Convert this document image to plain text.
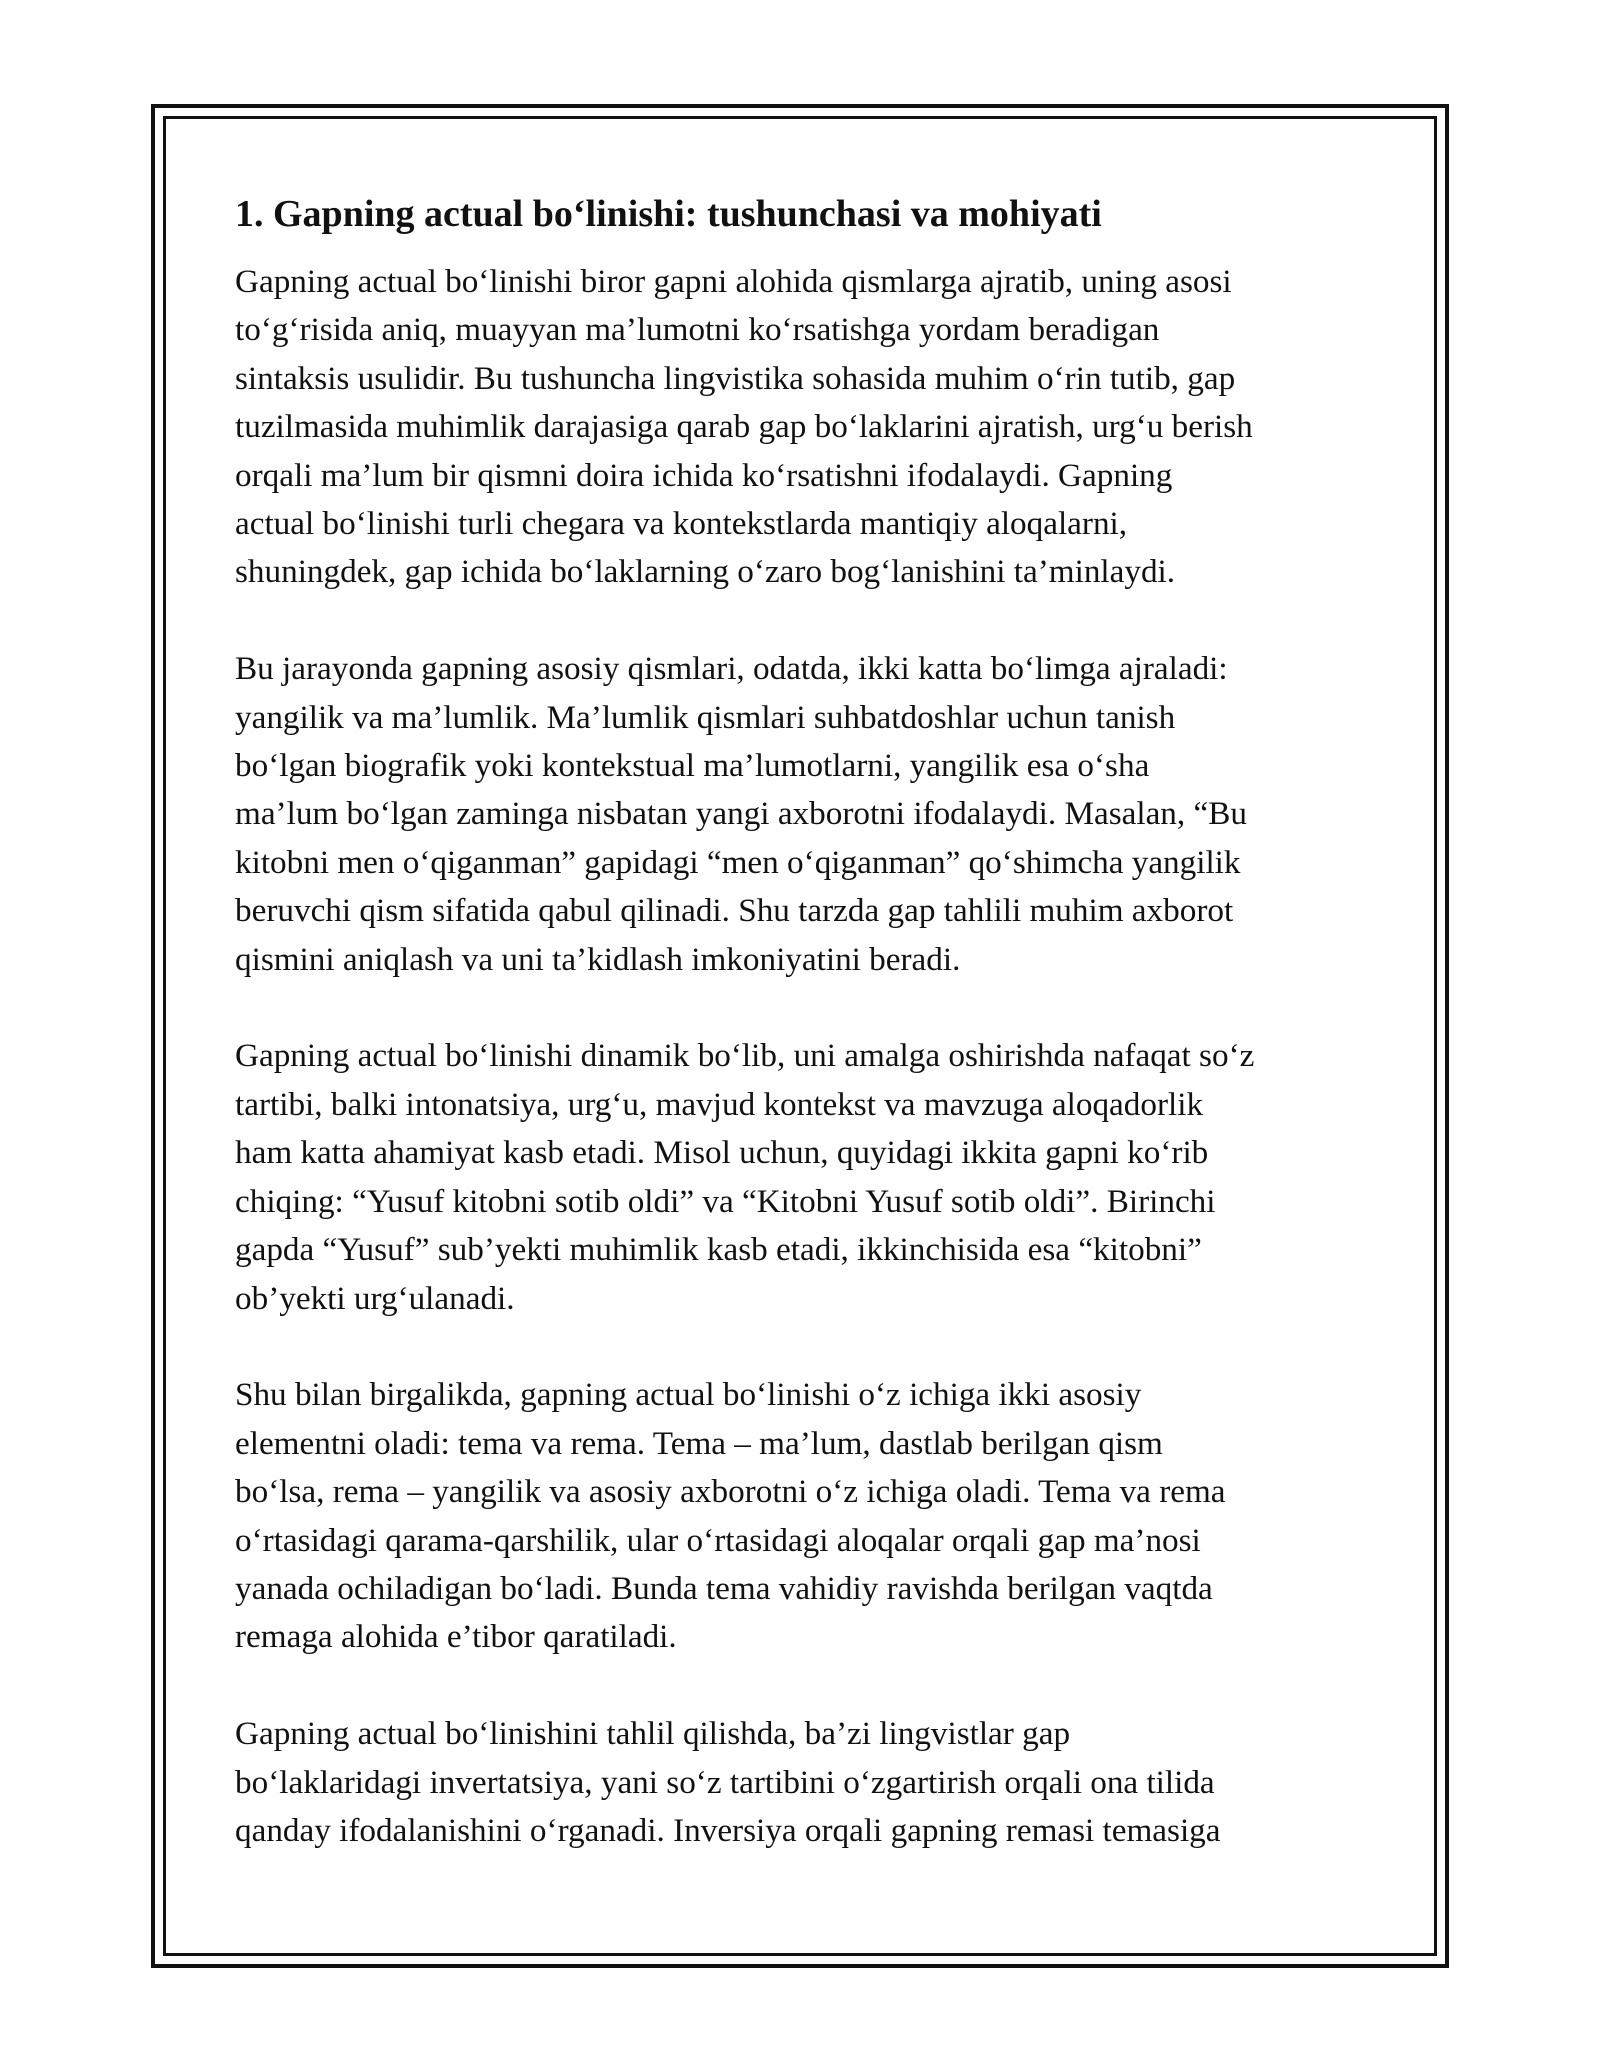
1. Gapning actual bo‘linishi: tushunchasi va mohiyati
Gapning actual bo‘linishi biror gapni alohida qismlarga ajratib, uning asosi
to‘g‘risida aniq, muayyan ma’lumotni ko‘rsatishga yordam beradigan
sintaksis usulidir. Bu tushuncha lingvistika sohasida muhim o‘rin tutib, gap
tuzilmasida muhimlik darajasiga qarab gap bo‘laklarini ajratish, urg‘u berish
orqali ma’lum bir qismni doira ichida ko‘rsatishni ifodalaydi. Gapning
actual bo‘linishi turli chegara va kontekstlarda mantiqiy aloqalarni,
shuningdek, gap ichida bo‘laklarning o‘zaro bog‘lanishini ta’minlaydi.
Bu jarayonda gapning asosiy qismlari, odatda, ikki katta bo‘limga ajraladi:
yangilik va ma’lumlik. Ma’lumlik qismlari suhbatdoshlar uchun tanish
bo‘lgan biografik yoki kontekstual ma’lumotlarni, yangilik esa o‘sha
ma’lum bo‘lgan zaminga nisbatan yangi axborotni ifodalaydi. Masalan, “Bu
kitobni men o‘qiganman” gapidagi “men o‘qiganman” qo‘shimcha yangilik
beruvchi qism sifatida qabul qilinadi. Shu tarzda gap tahlili muhim axborot
qismini aniqlash va uni ta’kidlash imkoniyatini beradi.
Gapning actual bo‘linishi dinamik bo‘lib, uni amalga oshirishda nafaqat so‘z
tartibi, balki intonatsiya, urg‘u, mavjud kontekst va mavzuga aloqadorlik
ham katta ahamiyat kasb etadi. Misol uchun, quyidagi ikkita gapni ko‘rib
chiqing: “Yusuf kitobni sotib oldi” va “Kitobni Yusuf sotib oldi”. Birinchi
gapda “Yusuf” sub’yekti muhimlik kasb etadi, ikkinchisida esa “kitobni”
ob’yekti urg‘ulanadi.
Shu bilan birgalikda, gapning actual bo‘linishi o‘z ichiga ikki asosiy
elementni oladi: tema va rema. Tema – ma’lum, dastlab berilgan qism
bo‘lsa, rema – yangilik va asosiy axborotni o‘z ichiga oladi. Tema va rema
o‘rtasidagi qarama-qarshilik, ular o‘rtasidagi aloqalar orqali gap ma’nosi
yanada ochiladigan bo‘ladi. Bunda tema vahidiy ravishda berilgan vaqtda
remaga alohida e’tibor qaratiladi.
Gapning actual bo‘linishini tahlil qilishda, ba’zi lingvistlar gap
bo‘laklaridagi invertatsiya, yani so‘z tartibini o‘zgartirish orqali ona tilida
qanday ifodalanishini o‘rganadi. Inversiya orqali gapning remasi temasiga
